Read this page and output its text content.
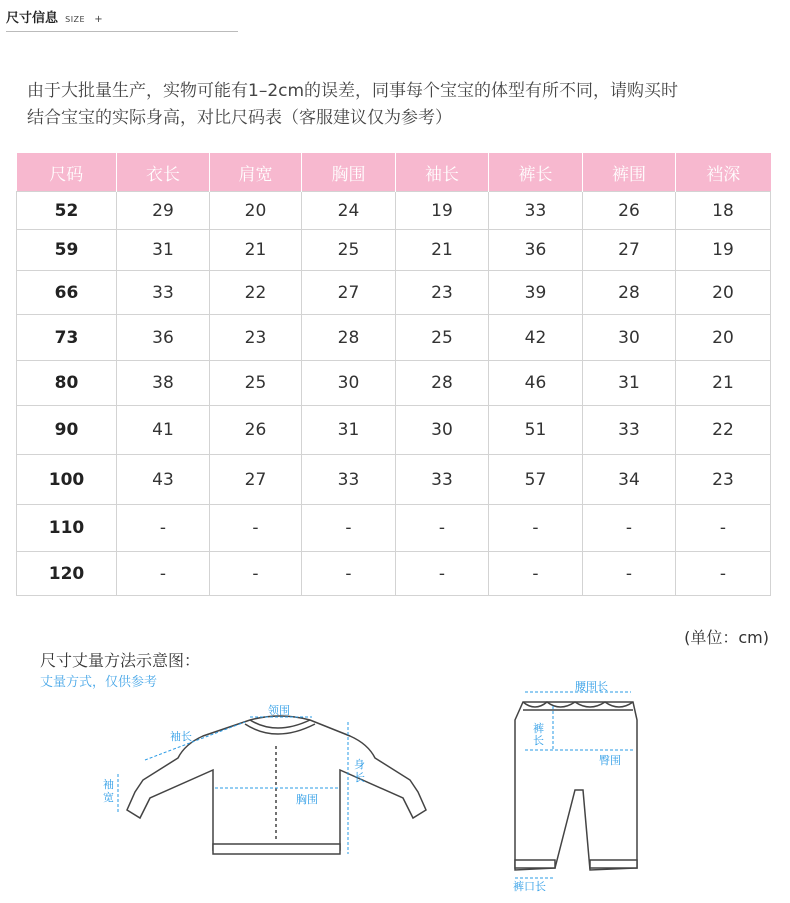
尺寸信息 SIZE +

由于大批量生产，实物可能有1–2cm的误差，同事每个宝宝的体型有所不同，请购买时

结合宝宝的实际身高，对比尺码表（客服建议仅为参考）

尺码	衣长	肩宽	胸围	袖长	裤长	裤围	裆深
52	29	20	24	19	33	26	18
59	31	21	25	21	36	27	19
66	33	22	27	23	39	28	20
73	36	23	28	25	42	30	20
80	38	25	30	28	46	31	21
90	41	26	31	30	51	33	22
100	43	27	33	33	57	34	23
110	-	-	-	-	-	-	-
120	-	-	-	-	-	-	-
(单位：cm)
尺寸丈量方法示意图：
丈量方式，仅供参考
领围
袖长
袖
宽
身
长
胸围
腰围长
裤
长
臀围
裤口长
